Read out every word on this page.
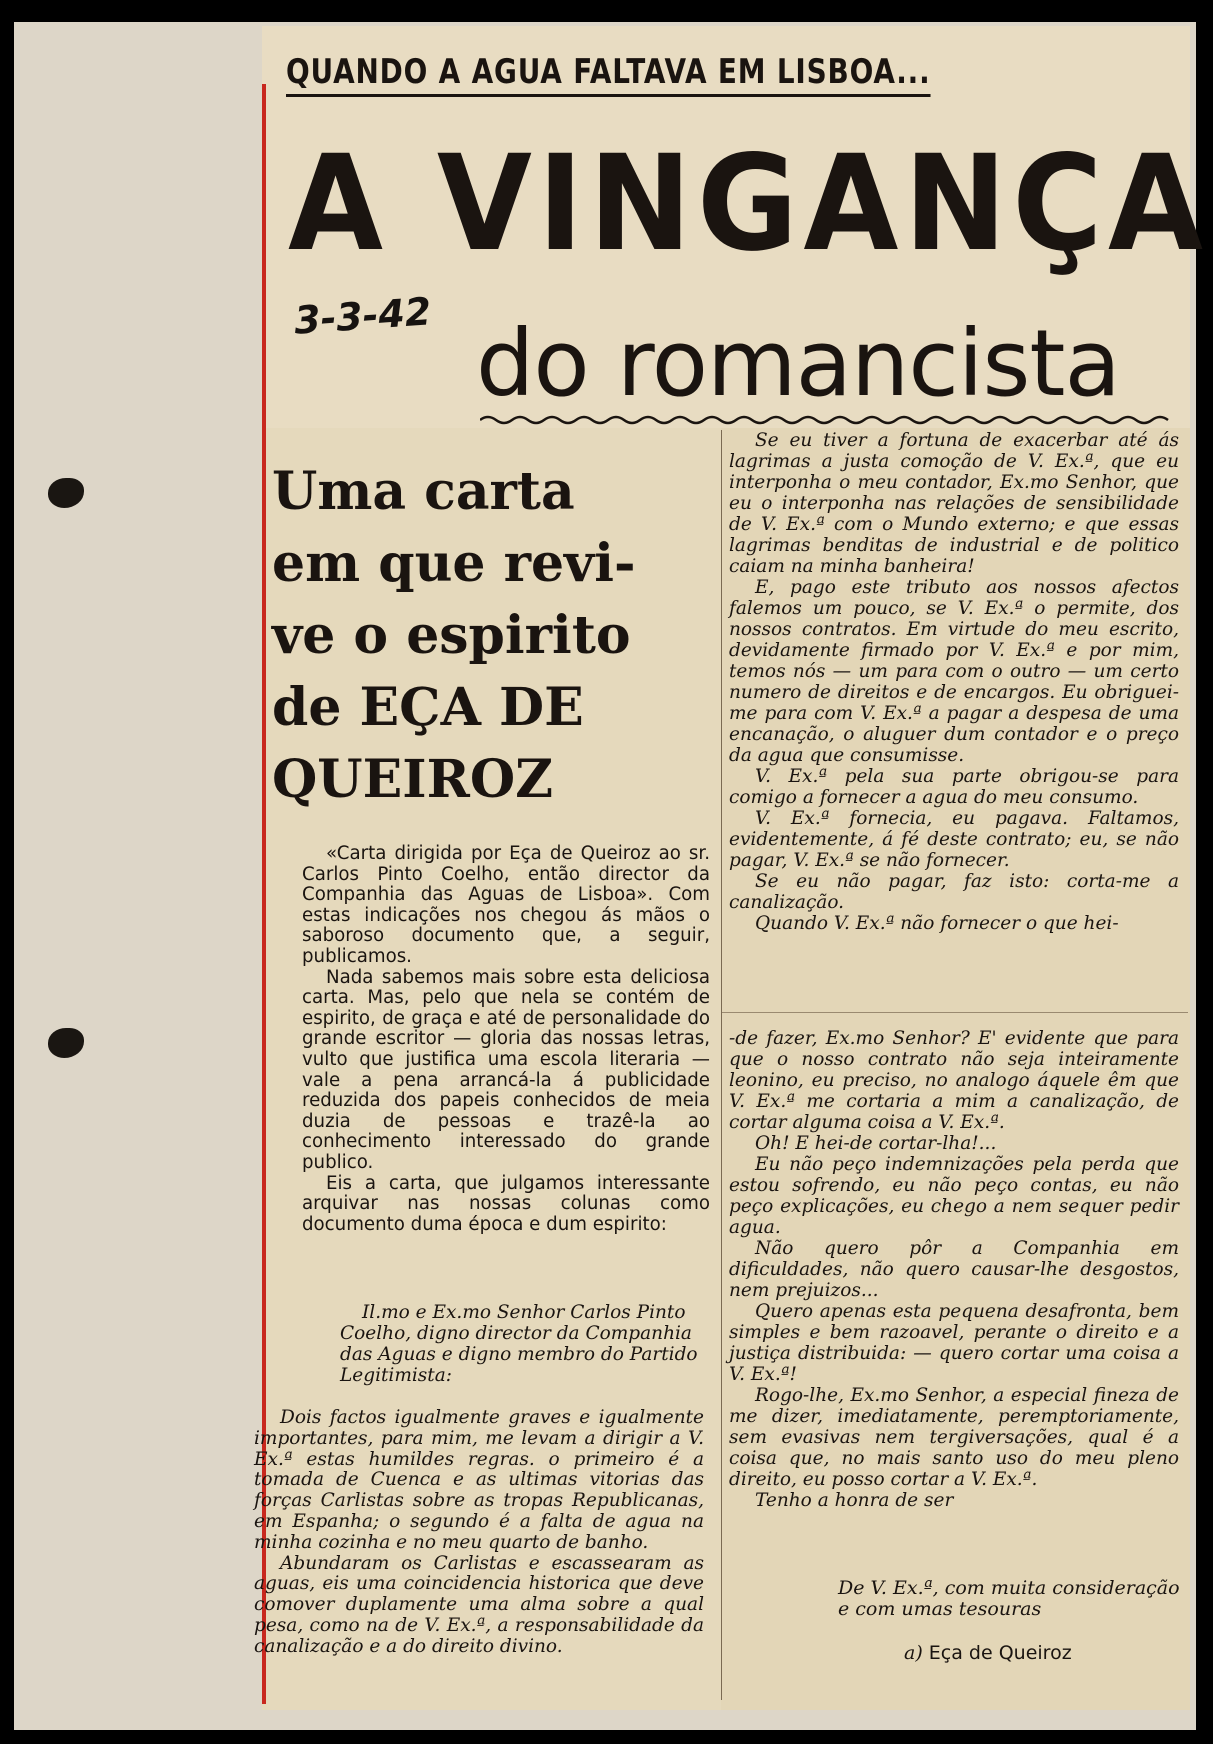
QUANDO A AGUA FALTAVA EM LISBOA...
A VINGANÇA
3-3-42 do romancista
Uma carta
em que revi-
ve o espirito
de EÇA DE
QUEIROZ

«Carta dirigida por Eça de Queiroz ao sr. Carlos Pinto Coelho, então director da Companhia das Aguas de Lisboa». Com estas indicações nos chegou ás mãos o saboroso documento que, a seguir, publicamos.

Nada sabemos mais sobre esta deliciosa carta. Mas, pelo que nela se contém de espirito, de graça e até de personalidade do grande escritor — gloria das nossas letras, vulto que justifica uma escola literaria — vale a pena arrancá-la á publicidade reduzida dos papeis conhecidos de meia duzia de pessoas e trazê-la ao conhecimento interessado do grande publico.

Eis a carta, que julgamos interessante arquivar nas nossas colunas como documento duma época e dum espirito:

Il.mo e Ex.mo Senhor Carlos Pinto Coelho, digno director da Companhia das Aguas e digno membro do Partido Legitimista:

Dois factos igualmente graves e igualmente importantes, para mim, me levam a dirigir a V. Ex.ª estas humildes regras. o primeiro é a tomada de Cuenca e as ultimas vitorias das forças Carlistas sobre as tropas Republicanas, em Espanha; o segundo é a falta de agua na minha cozinha e no meu quarto de banho.

Abundaram os Carlistas e escassearam as aguas, eis uma coincidencia historica que deve comover duplamente uma alma sobre a qual pesa, como na de V. Ex.ª, a responsabilidade da canalização e a do direito divino.

Se eu tiver a fortuna de exacerbar até ás lagrimas a justa comoção de V. Ex.ª, que eu interponha o meu contador, Ex.mo Senhor, que eu o interponha nas relações de sensibilidade de V. Ex.ª com o Mundo externo; e que essas lagrimas benditas de industrial e de politico caiam na minha banheira!

E, pago este tributo aos nossos afectos falemos um pouco, se V. Ex.ª o permite, dos nossos contratos. Em virtude do meu escrito, devidamente firmado por V. Ex.ª e por mim, temos nós — um para com o outro — um certo numero de direitos e de encargos. Eu obriguei-me para com V. Ex.ª a pagar a despesa de uma encanação, o aluguer dum contador e o preço da agua que consumisse.

V. Ex.ª pela sua parte obrigou-se para comigo a fornecer a agua do meu consumo.

V. Ex.ª fornecia, eu pagava. Faltamos, evidentemente, á fé deste contrato; eu, se não pagar, V. Ex.ª se não fornecer.

Se eu não pagar, faz isto: corta-me a canalização.

Quando V. Ex.ª não fornecer o que hei-

-de fazer, Ex.mo Senhor? E' evidente que para que o nosso contrato não seja inteiramente leonino, eu preciso, no analogo áquele êm que V. Ex.ª me cortaria a mim a canalização, de cortar alguma coisa a V. Ex.ª.

Oh! E hei-de cortar-lha!...

Eu não peço indemnizações pela perda que estou sofrendo, eu não peço contas, eu não peço explicações, eu chego a nem sequer pedir agua.

Não quero pôr a Companhia em dificuldades, não quero causar-lhe desgostos, nem prejuizos...

Quero apenas esta pequena desafronta, bem simples e bem razoavel, perante o direito e a justiça distribuida: — quero cortar uma coisa a V. Ex.ª!

Rogo-lhe, Ex.mo Senhor, a especial fineza de me dizer, imediatamente, peremptoriamente, sem evasivas nem tergiversações, qual é a coisa que, no mais santo uso do meu pleno direito, eu posso cortar a V. Ex.ª.

Tenho a honra de ser

De V. Ex.ª, com muita consideração e com umas tesouras
a) Eça de Queiroz
